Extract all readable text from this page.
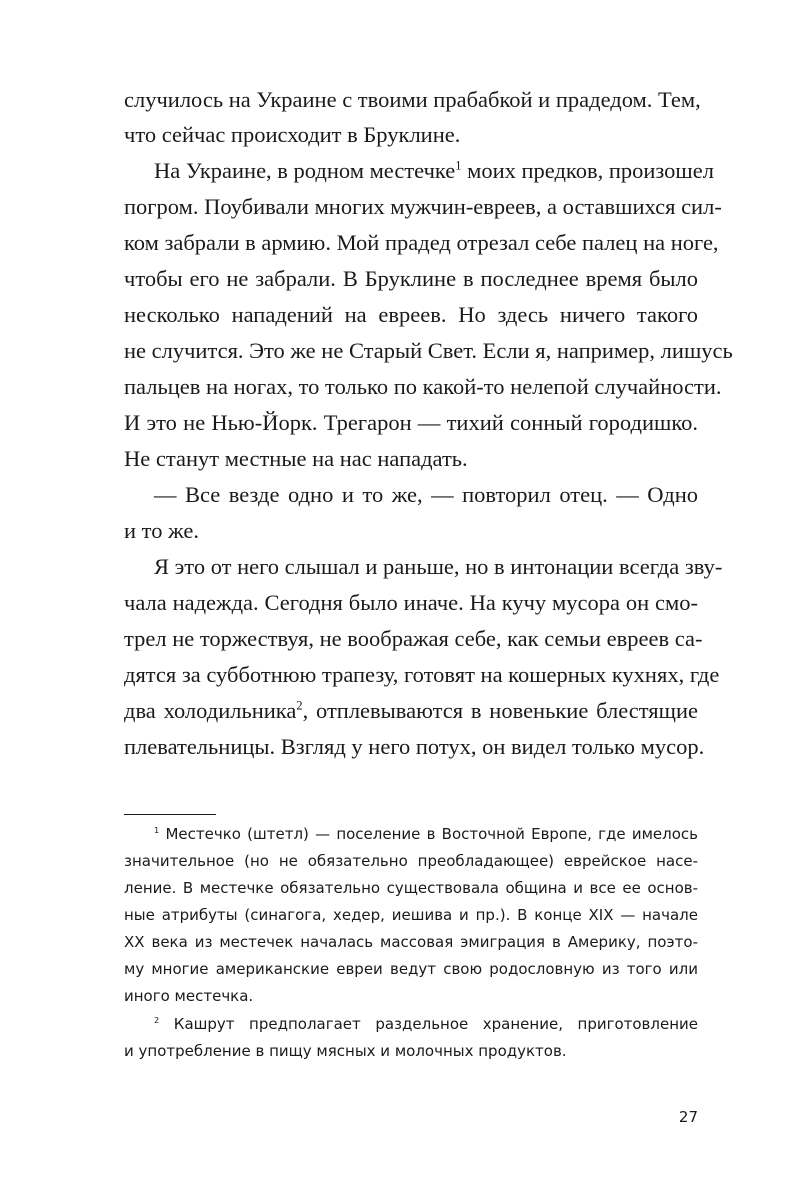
случилось на Украине с твоими прабабкой и прадедом. Тем,
что сейчас происходит в Бруклине.
На Украине, в родном местечке$^1$ моих предков, произошел
погром. Поубивали многих мужчин-евреев, а оставшихся сил-
ком забрали в армию. Мой прадед отрезал себе палец на ноге,
чтобы его не забрали. В Бруклине в последнее время было
несколько нападений на евреев. Но здесь ничего такого
не случится. Это же не Старый Свет. Если я, например, лишусь
пальцев на ногах, то только по какой-то нелепой случайности.
И это не Нью-Йорк. Трегарон — тихий сонный городишко.
Не станут местные на нас нападать.
— Все везде одно и то же, — повторил отец. — Одно
и то же.
Я это от него слышал и раньше, но в интонации всегда зву-
чала надежда. Сегодня было иначе. На кучу мусора он смо-
трел не торжествуя, не воображая себе, как семьи евреев са-
дятся за субботнюю трапезу, готовят на кошерных кухнях, где
два холодильника$^2$, отплевываются в новенькие блестящие
плевательницы. Взгляд у него потух, он видел только мусор.
$^1$ Местечко (штетл) — поселение в Восточной Европе, где имелось
значительное (но не обязательно преобладающее) еврейское насе-
ление. В местечке обязательно существовала община и все ее основ-
ные атрибуты (синагога, хедер, иешива и пр.). В конце XIX — начале
XX века из местечек началась массовая эмиграция в Америку, поэто-
му многие американские евреи ведут свою родословную из того или
иного местечка.
$^2$ Кашрут предполагает раздельное хранение, приготовление
и употребление в пищу мясных и молочных продуктов.
27
